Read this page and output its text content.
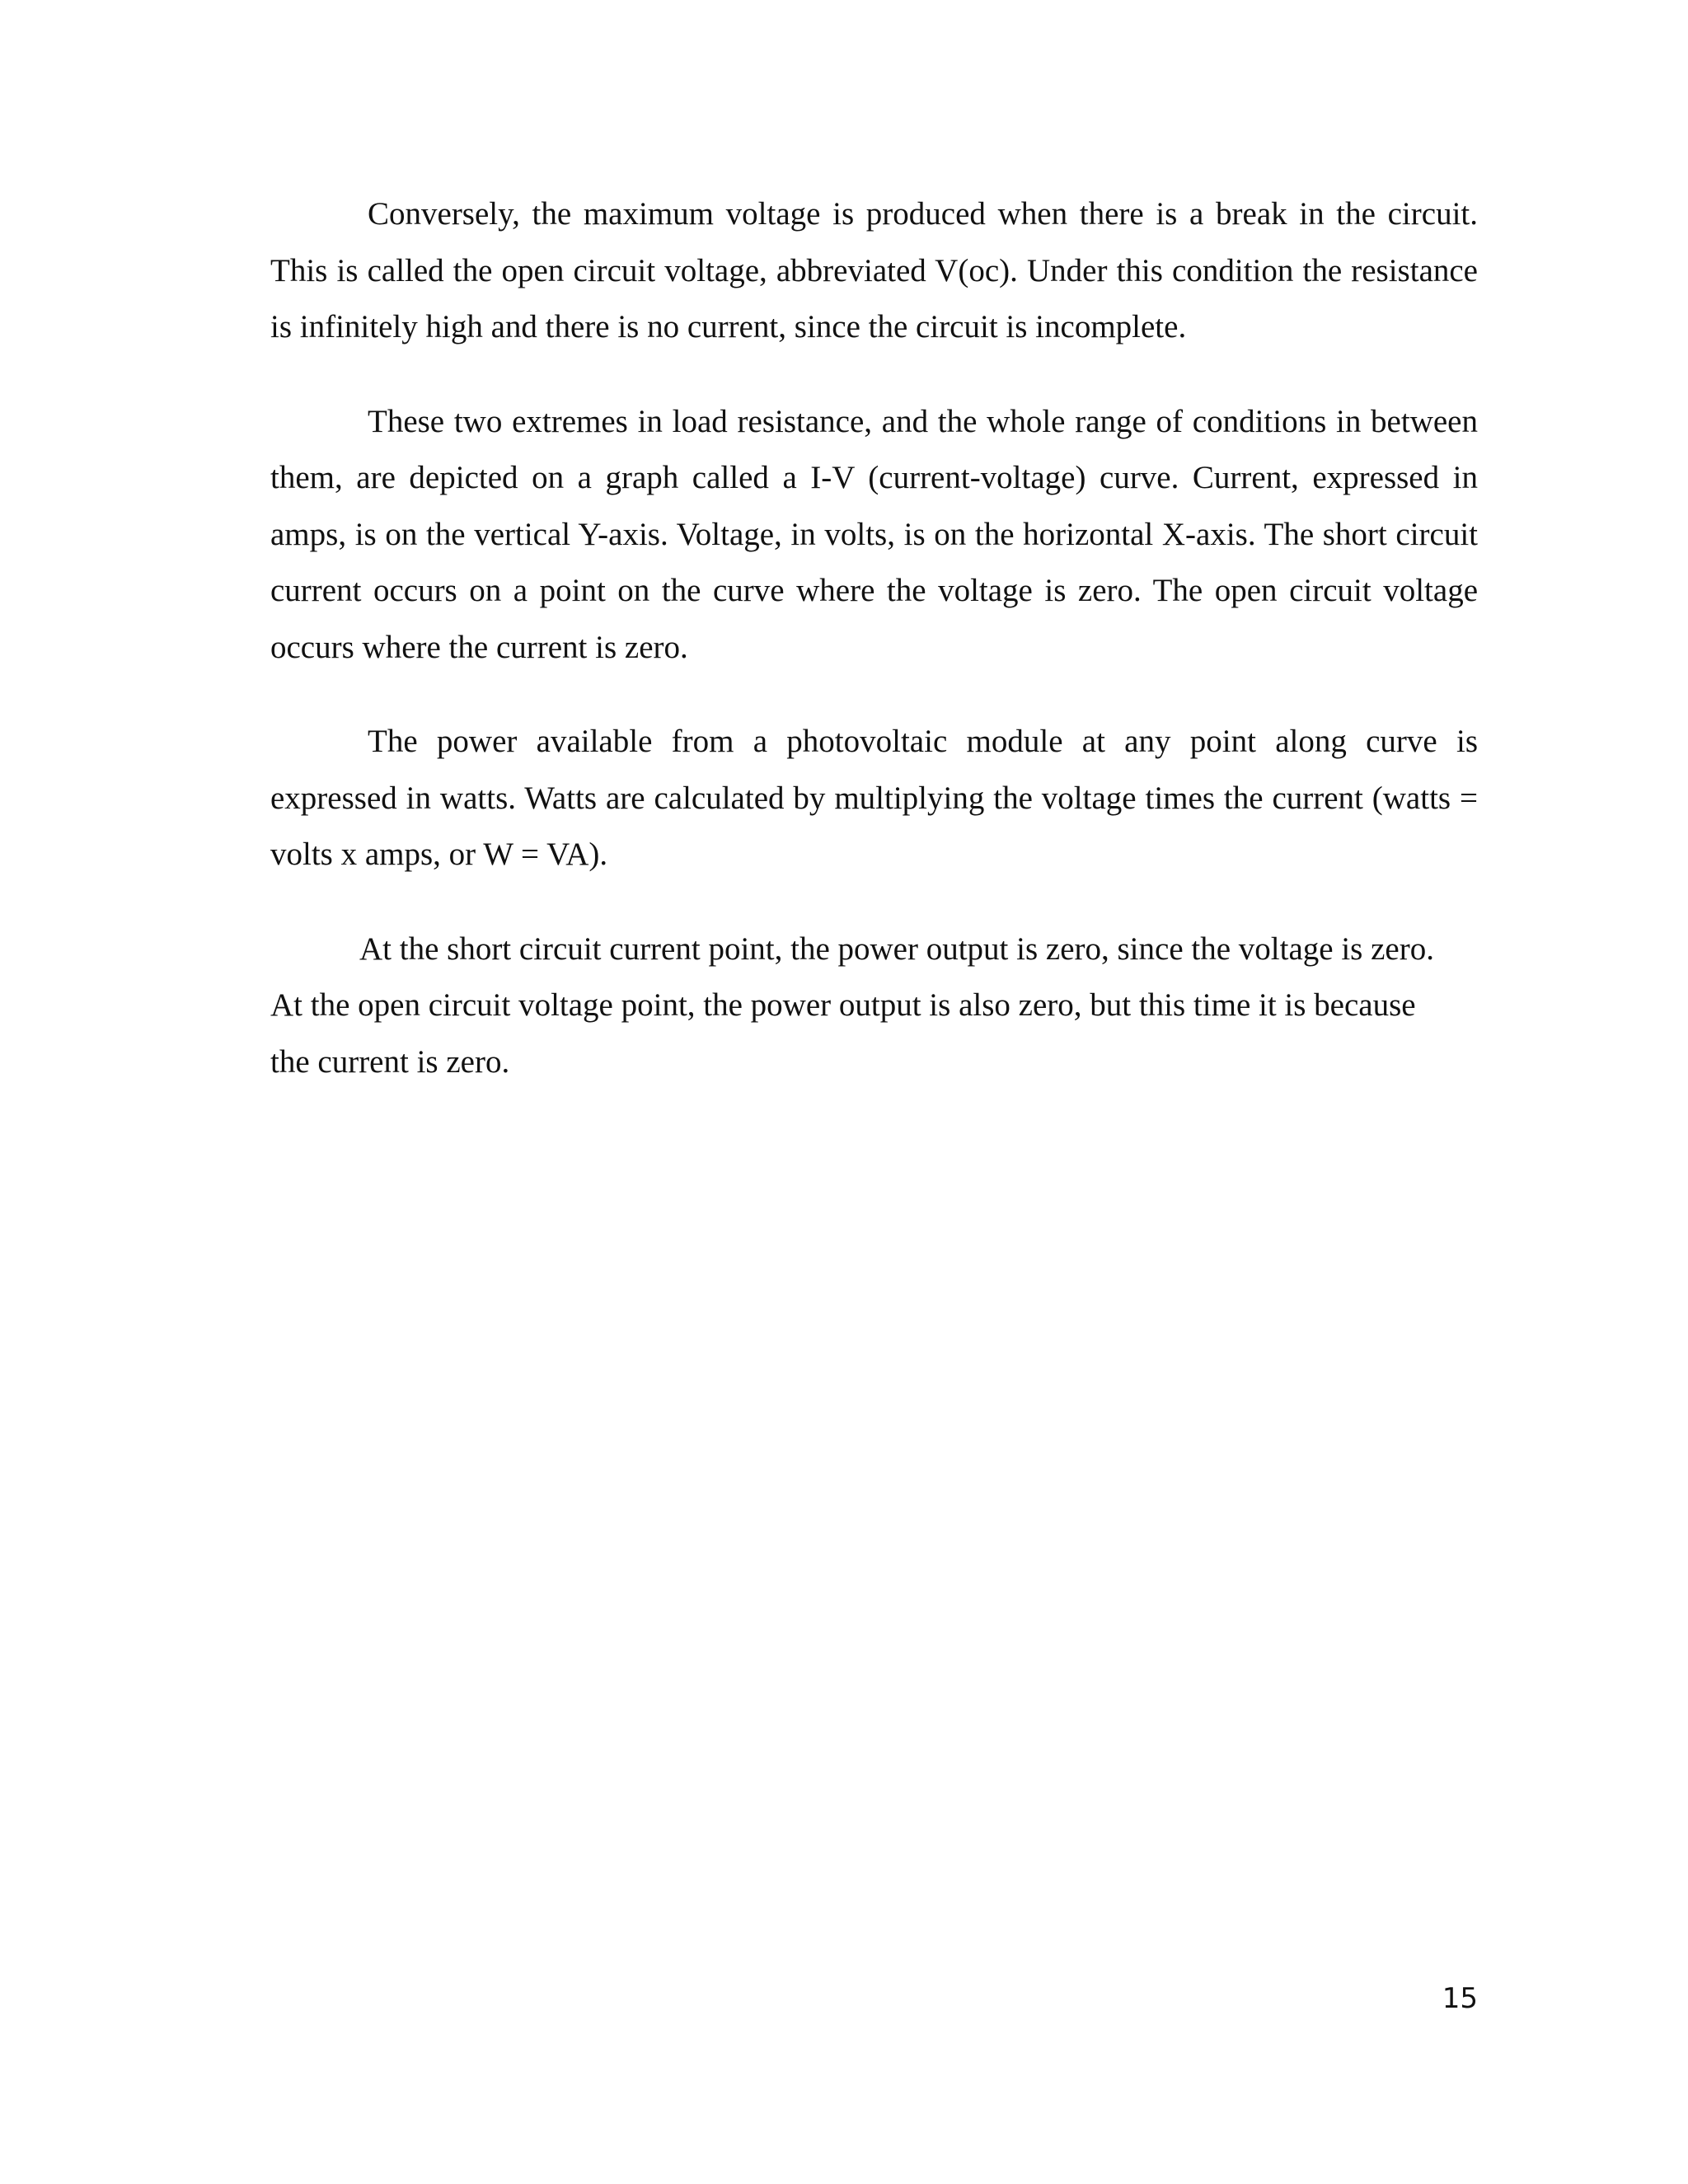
Conversely, the maximum voltage is produced when there is a break in the circuit. This is called the open circuit voltage, abbreviated V(oc). Under this condition the resistance is infinitely high and there is no current, since the circuit is incomplete.

These two extremes in load resistance, and the whole range of conditions in between them, are depicted on a graph called a I-V (current-voltage) curve. Current, expressed in amps, is on the vertical Y-axis. Voltage, in volts, is on the horizontal X-axis. The short circuit current occurs on a point on the curve where the voltage is zero. The open circuit voltage occurs where the current is zero.

The power available from a photovoltaic module at any point along curve is expressed in watts. Watts are calculated by multiplying the voltage times the current (watts = volts x amps, or W = VA).

At the short circuit current point, the power output is zero, since the voltage is zero. At the open circuit voltage point, the power output is also zero, but this time it is because the current is zero.

15
